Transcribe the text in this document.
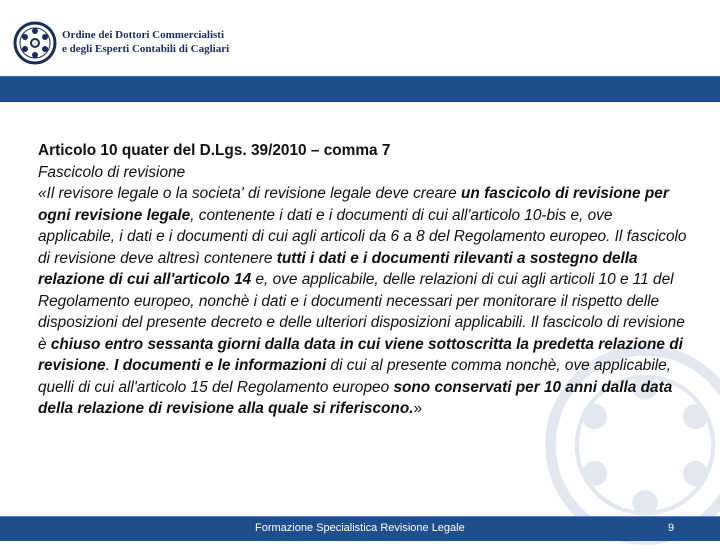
Ordine dei Dottori Commercialisti
e degli Esperti Contabili di Cagliari

Articolo 10 quater del D.Lgs. 39/2010 – comma 7

Fascicolo di revisione

«Il revisore legale o la societa' di revisione legale deve creare un fascicolo di revisione per ogni revisione legale, contenente i dati e i documenti di cui all'articolo 10-bis e, ove applicabile, i dati e i documenti di cui agli articoli da 6 a 8 del Regolamento europeo. Il fascicolo di revisione deve altresì contenere tutti i dati e i documenti rilevanti a sostegno della relazione di cui all'articolo 14 e, ove applicabile, delle relazioni di cui agli articoli 10 e 11 del Regolamento europeo, nonchè i dati e i documenti necessari per monitorare il rispetto delle disposizioni del presente decreto e delle ulteriori disposizioni applicabili. Il fascicolo di revisione è chiuso entro sessanta giorni dalla data in cui viene sottoscritta la predetta relazione di revisione. I documenti e le informazioni di cui al presente comma nonchè, ove applicabile, quelli di cui all'articolo 15 del Regolamento europeo sono conservati per 10 anni dalla data della relazione di revisione alla quale si riferiscono.»

Formazione Specialistica Revisione Legale	9
